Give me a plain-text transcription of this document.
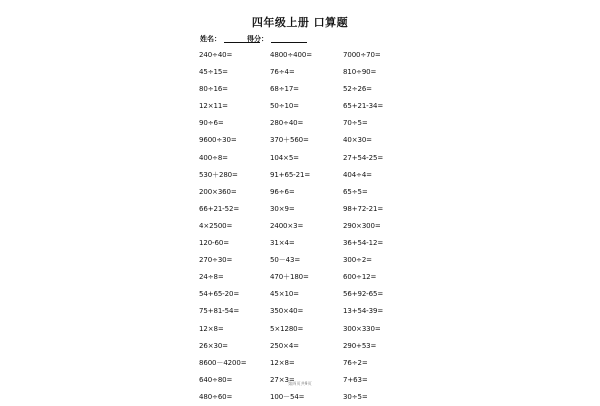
四年级上册 口算题
姓名：	得分：
240÷40=	4800÷400=	7000÷70=
45÷15=	76÷4=	810÷90=
80÷16=	68÷17=	52÷26=
12×11=	50÷10=	65+21-34=
90÷6=	280÷40=	70÷5=
9600÷30=	370＋560=	40×30=
400÷8=	104×5=	27+54-25=
530＋280=	91+65-21=	404÷4=
200×360=	96÷6=	65÷5=
66+21-52=	30×9=	98+72-21=
4×2500=	2400×3=	290×300=
120-60=	31×4=	36+54-12=
270÷30=	50－43=	300÷2=
24÷8=	470＋180=	600÷12=
54+65-20=	45×10=	56+92-65=
75+81-54=	350×40=	13+54-39=
12×8=	5×1280=	300×330=
26×30=	250×4=	290+53=
8600－4200=	12×8=	76÷2=
640÷80=	27×3=	7+63=
480÷60=	100－54=	30÷5=
第四页共9页
